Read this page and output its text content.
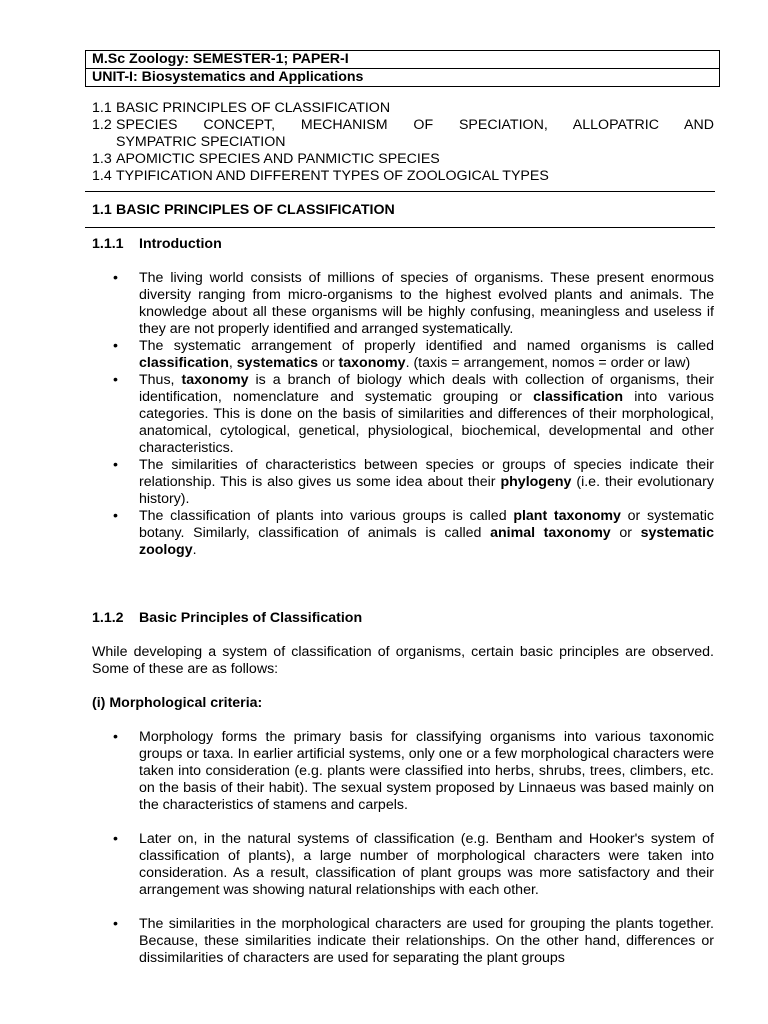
M.Sc Zoology: SEMESTER-1; PAPER-I
UNIT-I: Biosystematics and Applications
1.1 BASIC PRINCIPLES OF CLASSIFICATION
1.2 SPECIES CONCEPT, MECHANISM OF SPECIATION, ALLOPATRIC AND
SYMPATRIC SPECIATION
1.3 APOMICTIC SPECIES AND PANMICTIC SPECIES
1.4 TYPIFICATION AND DIFFERENT TYPES OF ZOOLOGICAL TYPES
1.1 BASIC PRINCIPLES OF CLASSIFICATION
1.1.1 Introduction
• The living world consists of millions of species of organisms. These present enormous diversity ranging from micro-organisms to the highest evolved plants and animals. The knowledge about all these organisms will be highly confusing, meaningless and useless if they are not properly identified and arranged systematically.
• The systematic arrangement of properly identified and named organisms is called classification, systematics or taxonomy. (taxis = arrangement, nomos = order or law)
• Thus, taxonomy is a branch of biology which deals with collection of organisms, their identification, nomenclature and systematic grouping or classification into various categories. This is done on the basis of similarities and differences of their morphological, anatomical, cytological, genetical, physiological, biochemical, developmental and other characteristics.
• The similarities of characteristics between species or groups of species indicate their relationship. This is also gives us some idea about their phylogeny (i.e. their evolutionary history).
• The classification of plants into various groups is called plant taxonomy or systematic botany. Similarly, classification of animals is called animal taxonomy or systematic zoology.
1.1.2 Basic Principles of Classification
While developing a system of classification of organisms, certain basic principles are observed. Some of these are as follows:
(i) Morphological criteria:
• Morphology forms the primary basis for classifying organisms into various taxonomic groups or taxa. In earlier artificial systems, only one or a few morphological characters were taken into consideration (e.g. plants were classified into herbs, shrubs, trees, climbers, etc. on the basis of their habit). The sexual system proposed by Linnaeus was based mainly on the characteristics of stamens and carpels.
• Later on, in the natural systems of classification (e.g. Bentham and Hooker's system of classification of plants), a large number of morphological characters were taken into consideration. As a result, classification of plant groups was more satisfactory and their arrangement was showing natural relationships with each other.
• The similarities in the morphological characters are used for grouping the plants together. Because, these similarities indicate their relationships. On the other hand, differences or dissimilarities of characters are used for separating the plant groups
